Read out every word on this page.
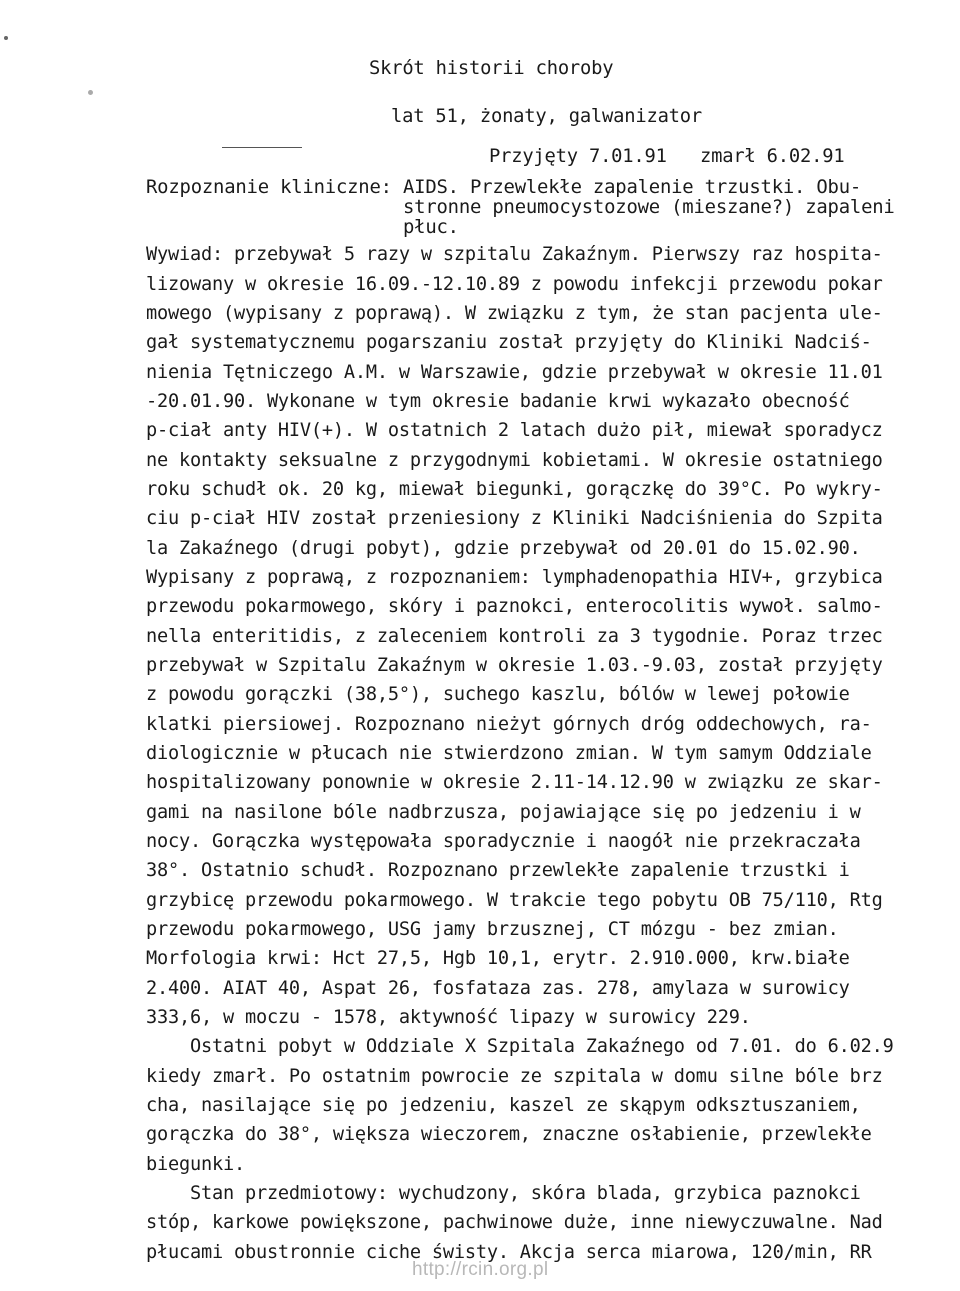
Skrót historii choroby
lat 51, żonaty, galwanizator
Przyjęty 7.01.91   zmarł 6.02.91
Rozpoznanie kliniczne: AIDS. Przewlekłe zapalenie trzustki. Obu-
stronne pneumocystozowe (mieszane?) zapaleni
płuc.
Wywiad: przebywał 5 razy w szpitalu Zakaźnym. Pierwszy raz hospita-
lizowany w okresie 16.09.-12.10.89 z powodu infekcji przewodu pokar
mowego (wypisany z poprawą). W związku z tym, że stan pacjenta ule-
gał systematycznemu pogarszaniu został przyjęty do Kliniki Nadciś-
nienia Tętniczego A.M. w Warszawie, gdzie przebywał w okresie 11.01
-20.01.90. Wykonane w tym okresie badanie krwi wykazało obecność
p-ciał anty HIV(+). W ostatnich 2 latach dużo pił, miewał sporadycz
ne kontakty seksualne z przygodnymi kobietami. W okresie ostatniego
roku schudł ok. 20 kg, miewał biegunki, gorączkę do 39°C. Po wykry-
ciu p-ciał HIV został przeniesiony z Kliniki Nadciśnienia do Szpita
la Zakaźnego (drugi pobyt), gdzie przebywał od 20.01 do 15.02.90.
Wypisany z poprawą, z rozpoznaniem: lymphadenopathia HIV+, grzybica
przewodu pokarmowego, skóry i paznokci, enterocolitis wywoł. salmo-
nella enteritidis, z zaleceniem kontroli za 3 tygodnie. Poraz trzec
przebywał w Szpitalu Zakaźnym w okresie 1.03.-9.03, został przyjęty
z powodu gorączki (38,5°), suchego kaszlu, bólów w lewej połowie
klatki piersiowej. Rozpoznano nieżyt górnych dróg oddechowych, ra-
diologicznie w płucach nie stwierdzono zmian. W tym samym Oddziale
hospitalizowany ponownie w okresie 2.11-14.12.90 w związku ze skar-
gami na nasilone bóle nadbrzusza, pojawiające się po jedzeniu i w
nocy. Gorączka występowała sporadycznie i naogół nie przekraczała
38°. Ostatnio schudł. Rozpoznano przewlekłe zapalenie trzustki i
grzybicę przewodu pokarmowego. W trakcie tego pobytu OB 75/110, Rtg
przewodu pokarmowego, USG jamy brzusznej, CT mózgu - bez zmian.
Morfologia krwi: Hct 27,5, Hgb 10,1, erytr. 2.910.000, krw.białe
2.400. AIAT 40, Aspat 26, fosfataza zas. 278, amylaza w surowicy
333,6, w moczu - 1578, aktywność lipazy w surowicy 229.
Ostatni pobyt w Oddziale X Szpitala Zakaźnego od 7.01. do 6.02.9
kiedy zmarł. Po ostatnim powrocie ze szpitala w domu silne bóle brz
cha, nasilające się po jedzeniu, kaszel ze skąpym odksztuszaniem,
gorączka do 38°, większa wieczorem, znaczne osłabienie, przewlekłe
biegunki.
Stan przedmiotowy: wychudzony, skóra blada, grzybica paznokci
stóp, karkowe powiększone, pachwinowe duże, inne niewyczuwalne. Nad
płucami obustronnie ciche świsty. Akcja serca miarowa, 120/min, RR
http://rcin.org.pl
